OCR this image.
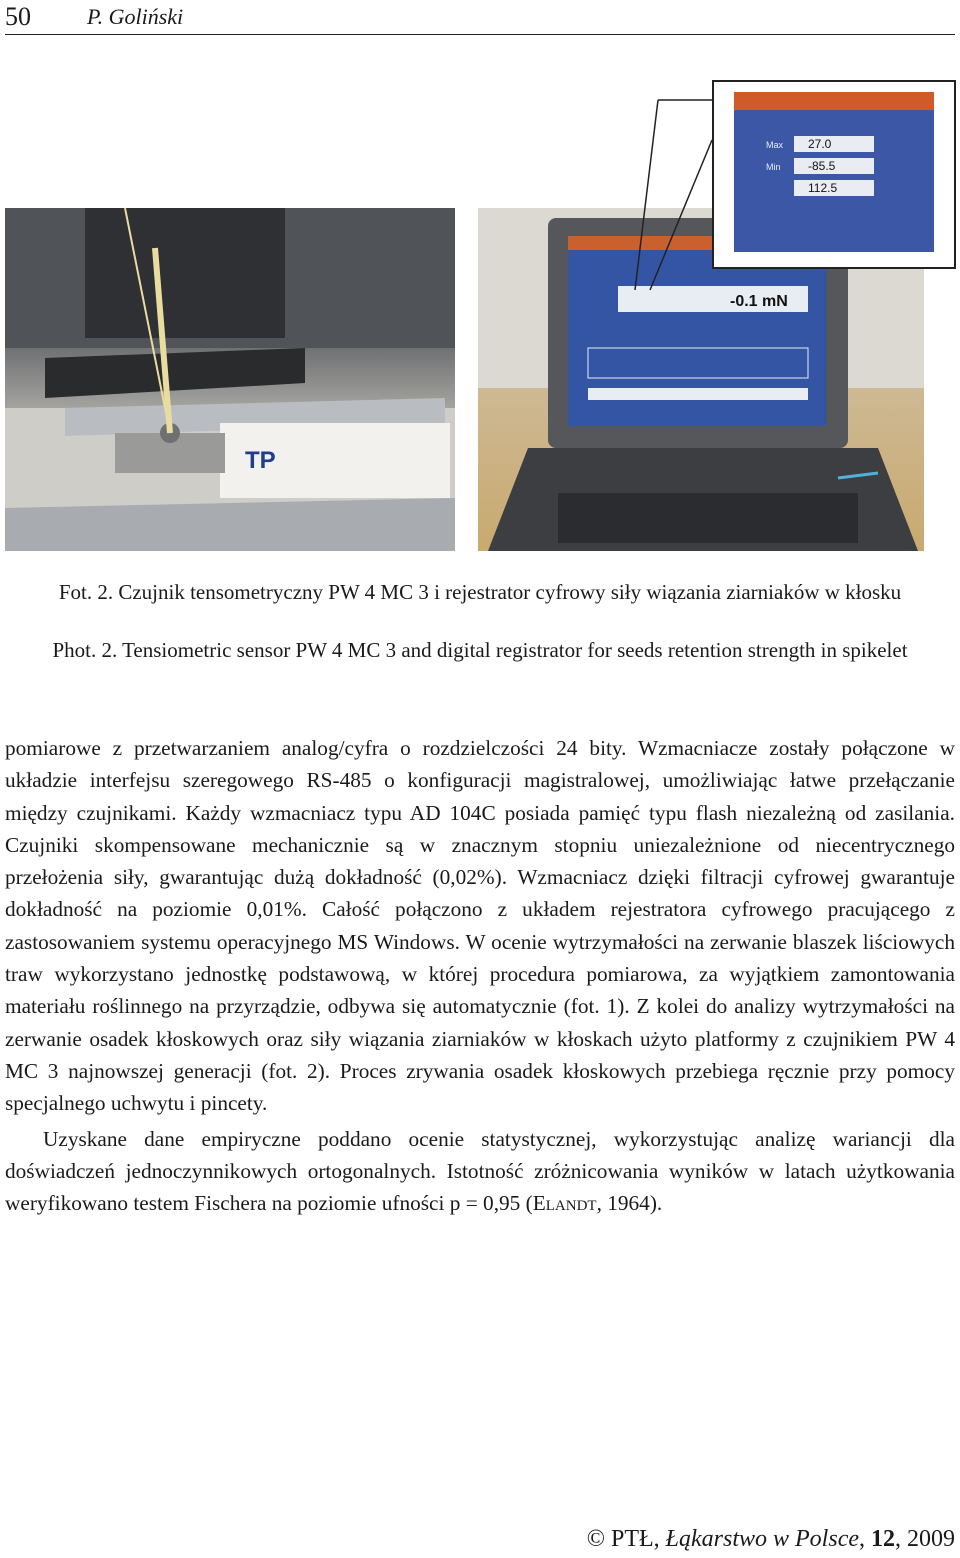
50	P. Goliński
TP
-0.1 mN
Max
Min
27.0
-85.5
112.5
Fot. 2. Czujnik tensometryczny PW 4 MC 3 i rejestrator cyfrowy siły wiązania ziarniaków w kłosku
Phot. 2. Tensiometric sensor PW 4 MC 3 and digital registrator for seeds retention strength in spikelet

pomiarowe z przetwarzaniem analog/cyfra o rozdzielczości 24 bity. Wzmacniacze zostały połączone w układzie interfejsu szeregowego RS-485 o konfiguracji magistralowej, umożliwiając łatwe przełączanie między czujnikami. Każdy wzmacniacz typu AD 104C posiada pamięć typu flash niezależną od zasilania. Czujniki skompensowane mechanicznie są w znacznym stopniu uniezależnione od niecentrycznego przełożenia siły, gwarantując dużą dokładność (0,02%). Wzmacniacz dzięki filtracji cyfrowej gwarantuje dokładność na poziomie 0,01%. Całość połączono z układem rejestratora cyfrowego pracującego z zastosowaniem systemu operacyjnego MS Windows. W ocenie wytrzymałości na zerwanie blaszek liściowych traw wykorzystano jednostkę podstawową, w której procedura pomiarowa, za wyjątkiem zamontowania materiału roślinnego na przyrządzie, odbywa się automatycznie (fot. 1). Z kolei do analizy wytrzymałości na zerwanie osadek kłoskowych oraz siły wiązania ziarniaków w kłoskach użyto platformy z czujnikiem PW 4 MC 3 najnowszej generacji (fot. 2). Proces zrywania osadek kłoskowych przebiega ręcznie przy pomocy specjalnego uchwytu i pincety.

Uzyskane dane empiryczne poddano ocenie statystycznej, wykorzystując analizę wariancji dla doświadczeń jednoczynnikowych ortogonalnych. Istotność zróżnicowania wyników w latach użytkowania weryfikowano testem Fischera na poziomie ufności p = 0,95 (Elandt, 1964).

© PTŁ, Łąkarstwo w Polsce, 12, 2009
